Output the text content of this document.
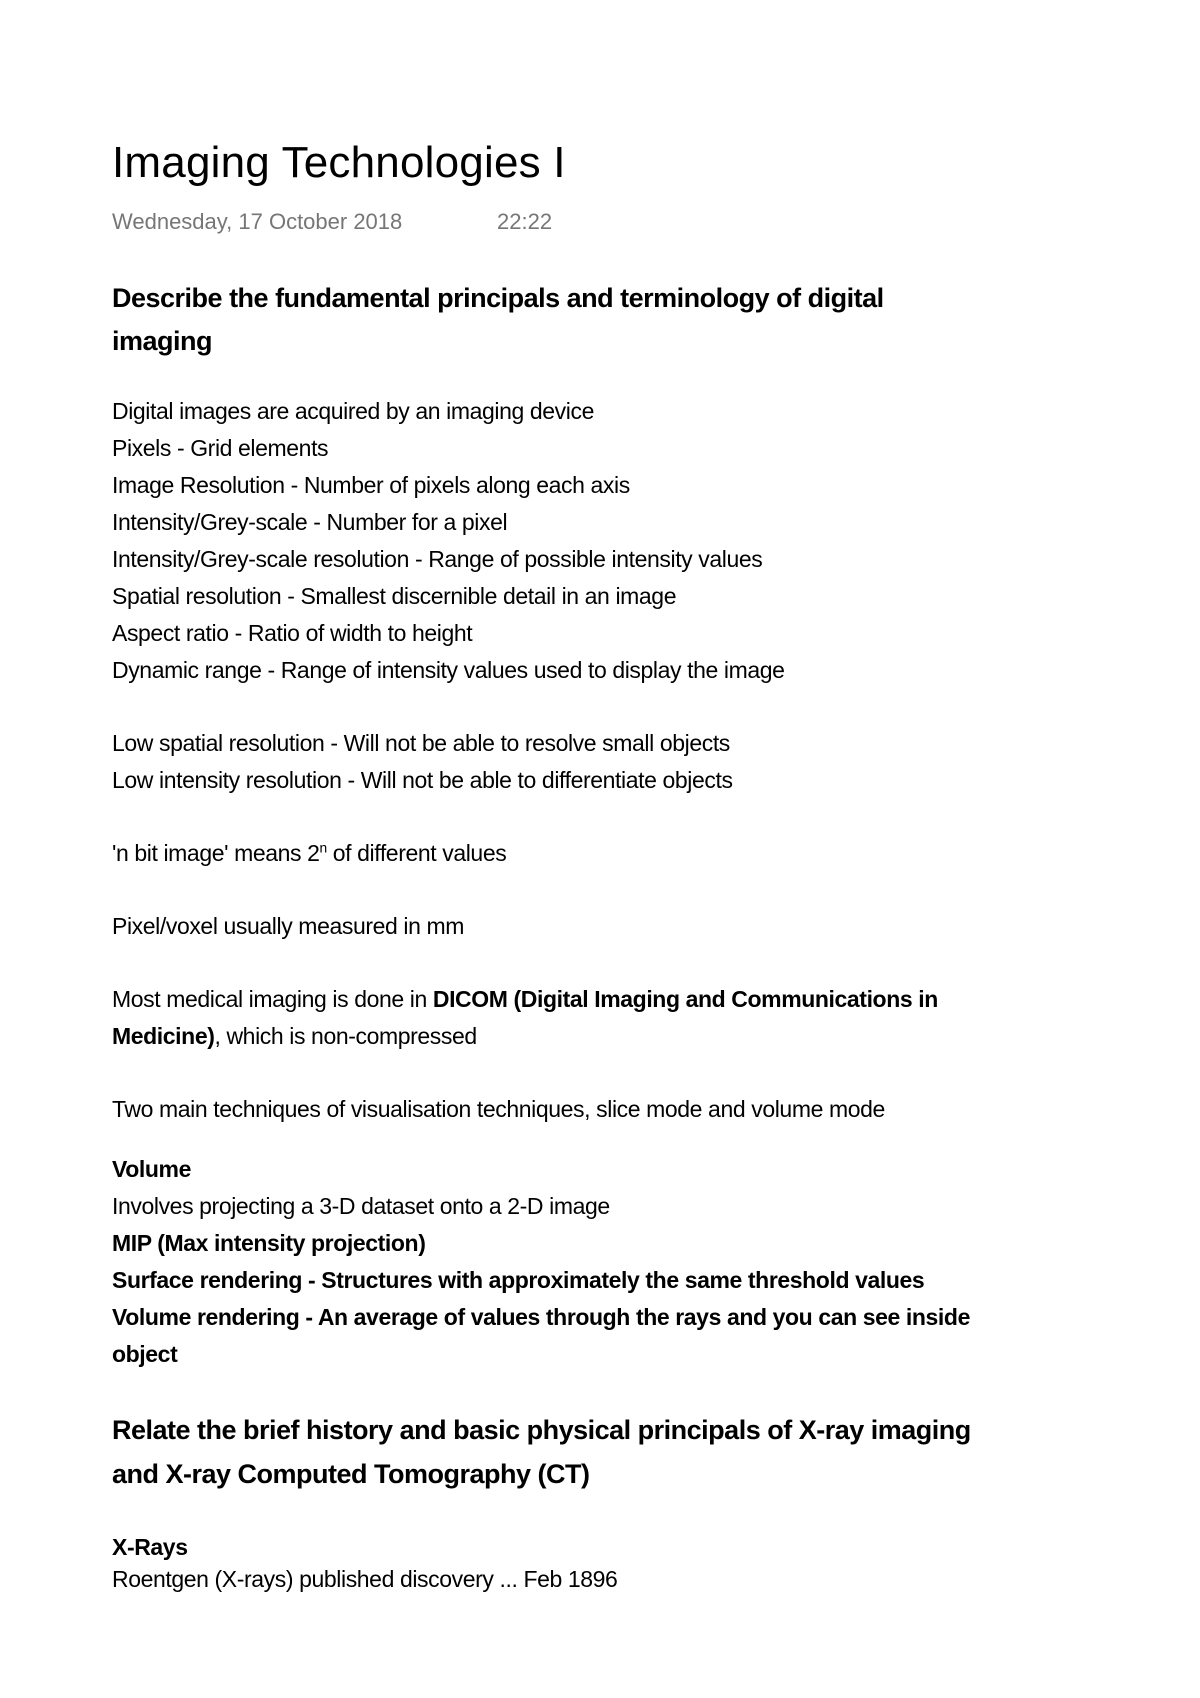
Imaging Technologies I
Wednesday, 17 October 2018	22:22
Describe the fundamental principals and terminology of digital
imaging
Digital images are acquired by an imaging device
Pixels - Grid elements
Image Resolution - Number of pixels along each axis
Intensity/Grey-scale - Number for a pixel
Intensity/Grey-scale resolution - Range of possible intensity values
Spatial resolution - Smallest discernible detail in an image
Aspect ratio - Ratio of width to height
Dynamic range - Range of intensity values used to display the image
Low spatial resolution - Will not be able to resolve small objects
Low intensity resolution - Will not be able to differentiate objects
'n bit image' means 2$^n$ of different values
Pixel/voxel usually measured in mm
Most medical imaging is done in DICOM (Digital Imaging and Communications in
Medicine), which is non-compressed
Two main techniques of visualisation techniques, slice mode and volume mode
Volume
Involves projecting a 3-D dataset onto a 2-D image
MIP (Max intensity projection)
Surface rendering - Structures with approximately the same threshold values
Volume rendering - An average of values through the rays and you can see inside
object
Relate the brief history and basic physical principals of X-ray imaging
and X-ray Computed Tomography (CT)
X-Rays
Roentgen (X-rays) published discovery ... Feb 1896
